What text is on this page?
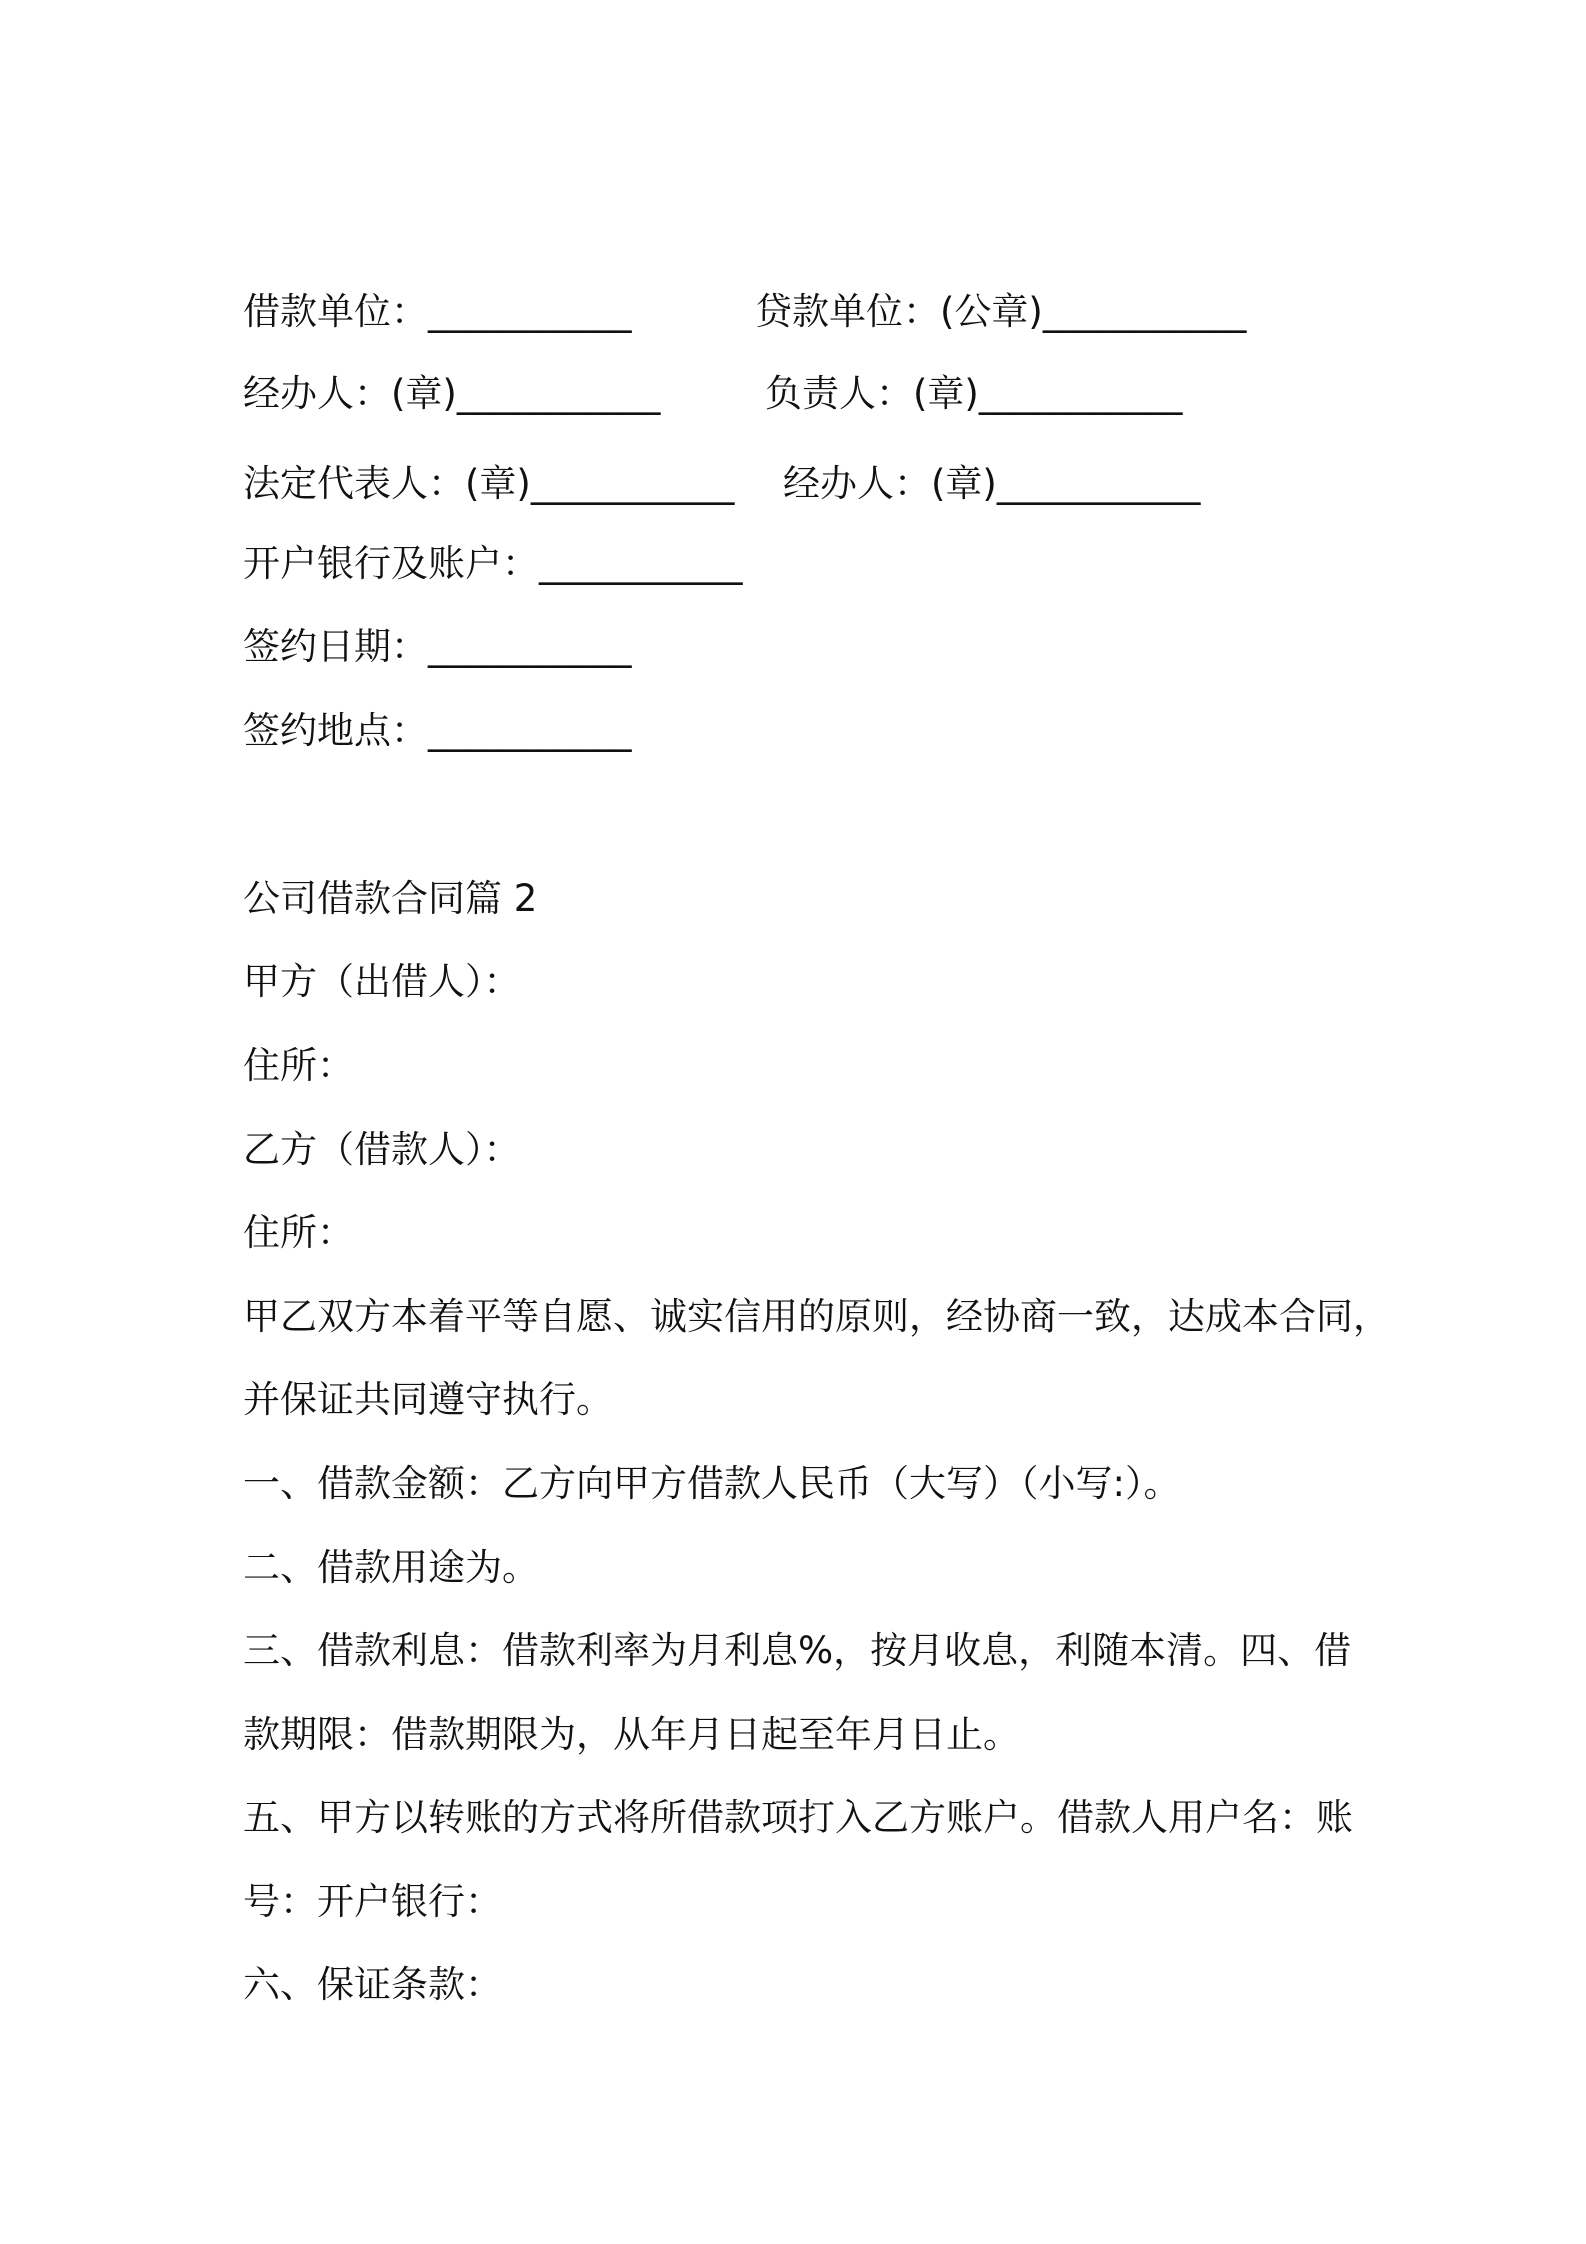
借款单位：___________	贷款单位：(公章)___________
经办人：(章)___________	负责人：(章)___________
法定代表人：(章)___________ 经办人：(章)___________
开户银行及账户：___________
签约日期：___________
签约地点：___________
公司借款合同篇 2
甲方（出借人）：
住所：
乙方（借款人）：
住所：
甲乙双方本着平等自愿、诚实信用的原则，经协商一致，达成本合同，
并保证共同遵守执行。
一、借款金额：乙方向甲方借款人民币（大写）（小写:）。
二、借款用途为。
三、借款利息：借款利率为月利息%，按月收息，利随本清。四、借
款期限：借款期限为，从年月日起至年月日止。
五、甲方以转账的方式将所借款项打入乙方账户。借款人用户名：账
号：开户银行：
六、保证条款：
